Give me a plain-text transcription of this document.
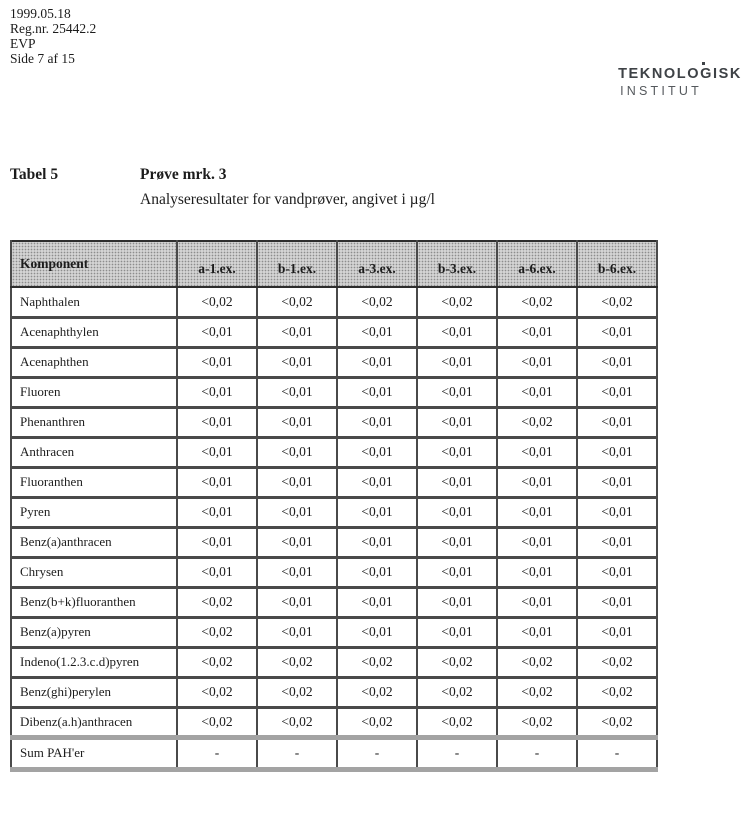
1999.05.18
Reg.nr. 25442.2
EVP
Side 7 af 15
TEKNOLOGISK
INSTITUT
Tabel 5	Prøve mrk. 3
Analyseresultater for vandprøver, angivet i µg/l
Komponent	a-1.ex.	b-1.ex.	a-3.ex.	b-3.ex.	a-6.ex.	b-6.ex.
Naphthalen	<0,02	<0,02	<0,02	<0,02	<0,02	<0,02
Acenaphthylen	<0,01	<0,01	<0,01	<0,01	<0,01	<0,01
Acenaphthen	<0,01	<0,01	<0,01	<0,01	<0,01	<0,01
Fluoren	<0,01	<0,01	<0,01	<0,01	<0,01	<0,01
Phenanthren	<0,01	<0,01	<0,01	<0,01	<0,02	<0,01
Anthracen	<0,01	<0,01	<0,01	<0,01	<0,01	<0,01
Fluoranthen	<0,01	<0,01	<0,01	<0,01	<0,01	<0,01
Pyren	<0,01	<0,01	<0,01	<0,01	<0,01	<0,01
Benz(a)anthracen	<0,01	<0,01	<0,01	<0,01	<0,01	<0,01
Chrysen	<0,01	<0,01	<0,01	<0,01	<0,01	<0,01
Benz(b+k)fluoranthen	<0,02	<0,01	<0,01	<0,01	<0,01	<0,01
Benz(a)pyren	<0,02	<0,01	<0,01	<0,01	<0,01	<0,01
Indeno(1.2.3.c.d)pyren	<0,02	<0,02	<0,02	<0,02	<0,02	<0,02
Benz(ghi)perylen	<0,02	<0,02	<0,02	<0,02	<0,02	<0,02
Dibenz(a.h)anthracen	<0,02	<0,02	<0,02	<0,02	<0,02	<0,02
Sum PAH'er	-	-	-	-	-	-
